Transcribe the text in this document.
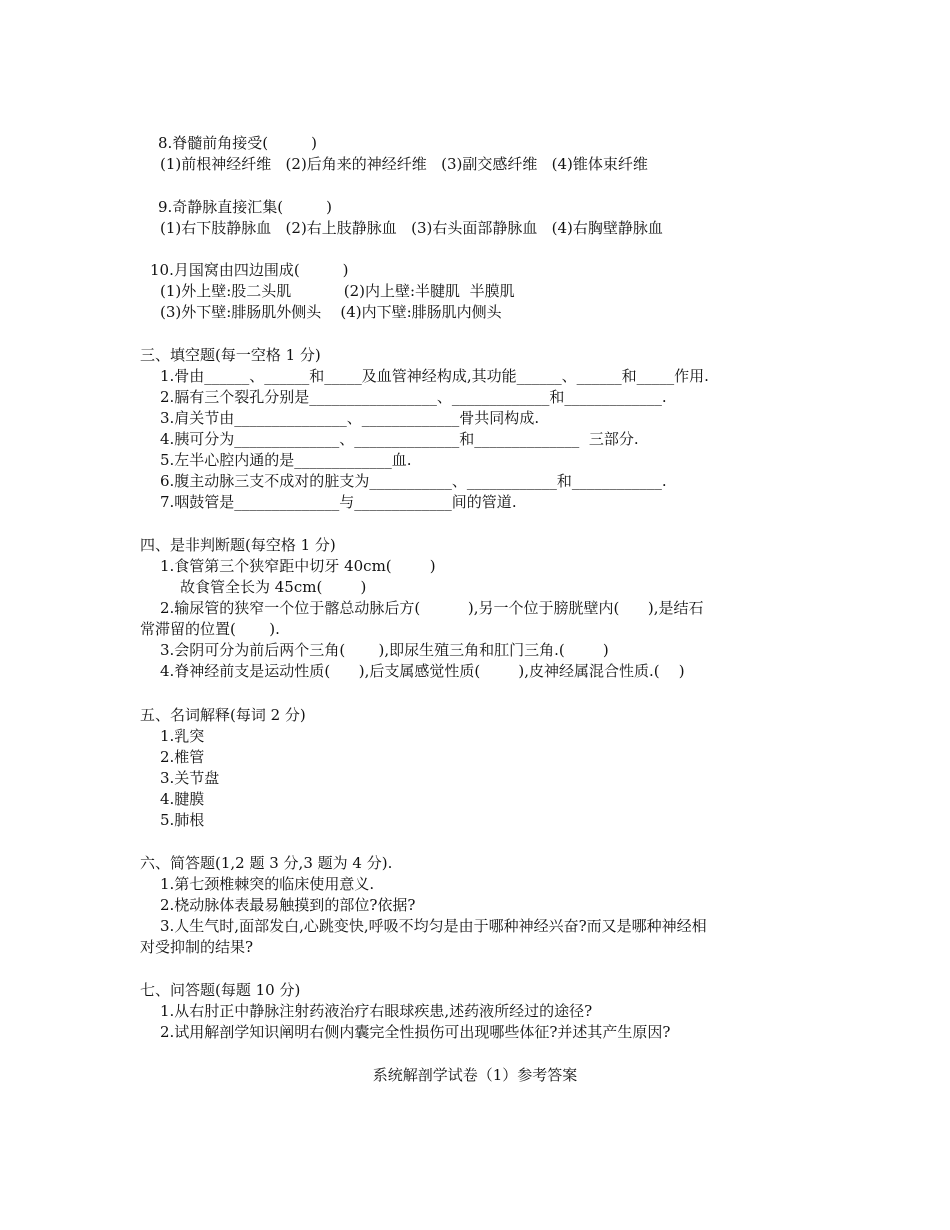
8.脊髓前角接受(         )
(1)前根神经纤维   (2)后角来的神经纤维   (3)副交感纤维   (4)锥体束纤维
9.奇静脉直接汇集(         )
(1)右下肢静脉血   (2)右上肢静脉血   (3)右头面部静脉血   (4)右胸壁静脉血
10.月国窝由四边围成(         )
(1)外上壁:股二头肌           (2)内上壁:半腱肌  半膜肌
(3)外下壁:腓肠肌外侧头    (4)内下壁:腓肠肌内侧头
三、填空题(每一空格 1 分)
1.骨由______、______和_____及血管神经构成,其功能______、______和_____作用.
2.膈有三个裂孔分别是_________________、_____________和_____________.
3.肩关节由_______________、_____________骨共同构成.
4.胰可分为______________、______________和______________  三部分.
5.左半心腔内通的是_____________血.
6.腹主动脉三支不成对的脏支为___________、____________和____________.
7.咽鼓管是______________与_____________间的管道.
四、是非判断题(每空格 1 分)
1.食管第三个狭窄距中切牙 40cm(        )
故食管全长为 45cm(        )
2.输尿管的狭窄一个位于髂总动脉后方(          ),另一个位于膀胱壁内(      ),是结石
常滞留的位置(       ).
3.会阴可分为前后两个三角(       ),即尿生殖三角和肛门三角.(        )
4.脊神经前支是运动性质(      ),后支属感觉性质(        ),皮神经属混合性质.(    )
五、名词解释(每词 2 分)
1.乳突
2.椎管
3.关节盘
4.腱膜
5.肺根
六、简答题(1,2 题 3 分,3 题为 4 分).
1.第七颈椎棘突的临床使用意义.
2.桡动脉体表最易触摸到的部位?依据?
3.人生气时,面部发白,心跳变快,呼吸不均匀是由于哪种神经兴奋?而又是哪种神经相
对受抑制的结果?
七、问答题(每题 10 分)
1.从右肘正中静脉注射药液治疗右眼球疾患,述药液所经过的途径?
2.试用解剖学知识阐明右侧内囊完全性损伤可出现哪些体征?并述其产生原因?
系统解剖学试卷（1）参考答案
